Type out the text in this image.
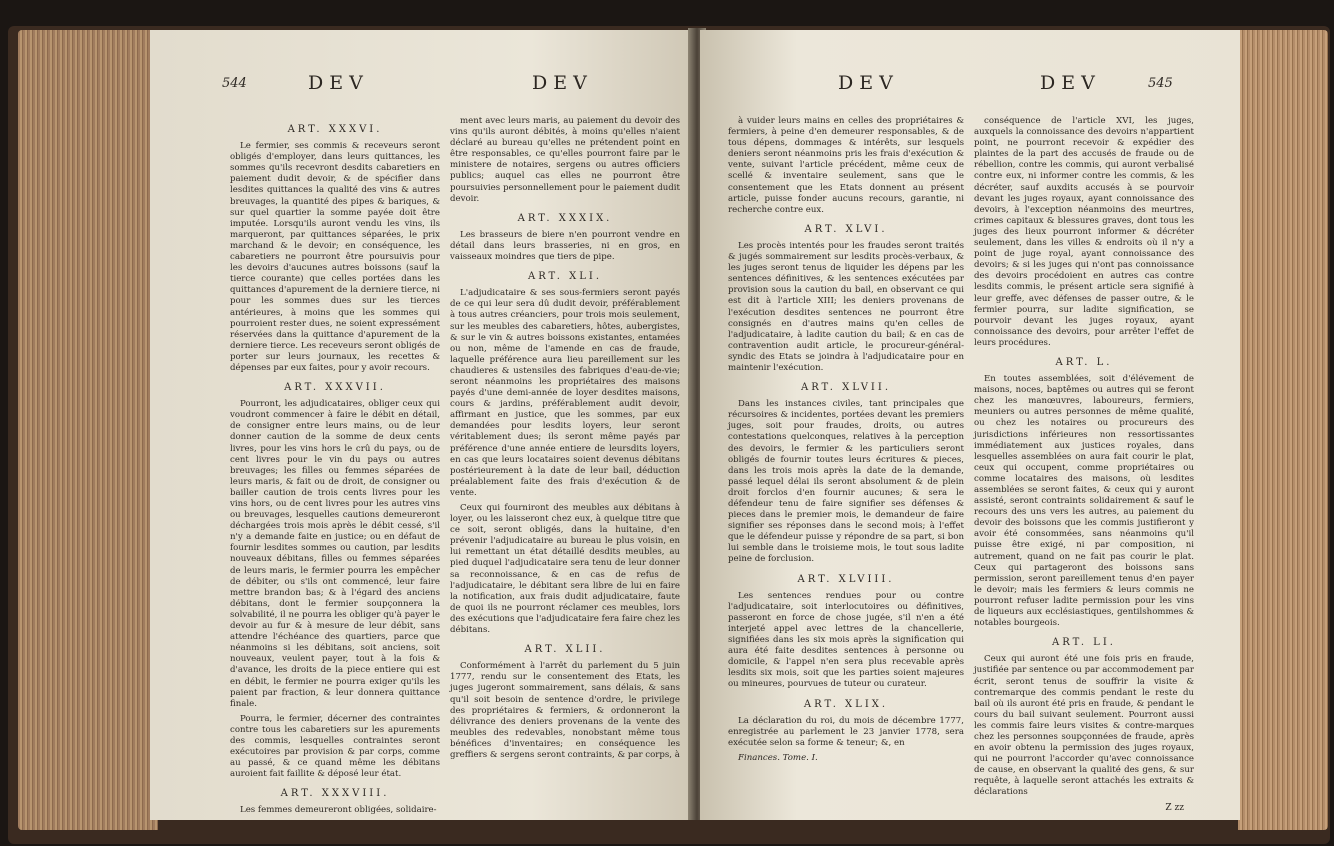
544	DEV	DEV
ART. XXXVI.

Le fermier, ses commis & receveurs seront obligés d'employer, dans leurs quittances, les sommes qu'ils recevront desdits cabaretiers en paiement dudit devoir, & de spécifier dans lesdites quittances la qualité des vins & autres breuvages, la quantité des pipes & bariques, & sur quel quartier la somme payée doit être imputée. Lorsqu'ils auront vendu les vins, ils marqueront, par quittances séparées, le prix marchand & le devoir; en conséquence, les cabaretiers ne pourront être poursuivis pour les devoirs d'aucunes autres boissons (sauf la tierce courante) que celles portées dans les quittances d'apurement de la derniere tierce, ni pour les sommes dues sur les tierces antérieures, à moins que les sommes qui pourroient rester dues, ne soient expressément réservées dans la quittance d'apurement de la derniere tierce. Les receveurs seront obligés de porter sur leurs journaux, les recettes & dépenses par eux faites, pour y avoir recours.

ART. XXXVII.

Pourront, les adjudicataires, obliger ceux qui voudront commencer à faire le débit en détail, de consigner entre leurs mains, ou de leur donner caution de la somme de deux cents livres, pour les vins hors le crû du pays, ou de cent livres pour le vin du pays ou autres breuvages; les filles ou femmes séparées de leurs maris, & fait ou de droit, de consigner ou bailler caution de trois cents livres pour les vins hors, ou de cent livres pour les autres vins ou breuvages, lesquelles cautions demeureront déchargées trois mois après le débit cessé, s'il n'y a demande faite en justice; ou en défaut de fournir lesdites sommes ou caution, par lesdits nouveaux débitans, filles ou femmes séparées de leurs maris, le fermier pourra les empêcher de débiter, ou s'ils ont commencé, leur faire mettre brandon bas; & à l'égard des anciens débitans, dont le fermier soupçonnera la solvabilité, il ne pourra les obliger qu'à payer le devoir au fur & à mesure de leur débit, sans attendre l'échéance des quartiers, parce que néanmoins si les débitans, soit anciens, soit nouveaux, veulent payer, tout à la fois & d'avance, les droits de la piece entiere qui est en débit, le fermier ne pourra exiger qu'ils les paient par fraction, & leur donnera quittance finale.

Pourra, le fermier, décerner des contraintes contre tous les cabaretiers sur les apurements des commis, lesquelles contraintes seront exécutoires par provision & par corps, comme au passé, & ce quand même les débitans auroient fait faillite & déposé leur état.

ART. XXXVIII.

Les femmes demeureront obligées, solidaire-

ment avec leurs maris, au paiement du devoir des vins qu'ils auront débités, à moins qu'elles n'aient déclaré au bureau qu'elles ne prétendent point en être responsables, ce qu'elles pourront faire par le ministere de notaires, sergens ou autres officiers publics; auquel cas elles ne pourront être poursuivies personnellement pour le paiement dudit devoir.

ART. XXXIX.

Les brasseurs de biere n'en pourront vendre en détail dans leurs brasseries, ni en gros, en vaisseaux moindres que tiers de pipe.

ART. XLI.

L'adjudicataire & ses sous-fermiers seront payés de ce qui leur sera dû dudit devoir, préférablement à tous autres créanciers, pour trois mois seulement, sur les meubles des cabaretiers, hôtes, aubergistes, & sur le vin & autres boissons existantes, entamées ou non, même de l'amende en cas de fraude, laquelle préférence aura lieu pareillement sur les chaudieres & ustensiles des fabriques d'eau-de-vie; seront néanmoins les propriétaires des maisons payés d'une demi-année de loyer desdites maisons, cours & jardins, préférablement audit devoir, affirmant en justice, que les sommes, par eux demandées pour lesdits loyers, leur seront véritablement dues; ils seront même payés par préférence d'une année entiere de leursdits loyers, en cas que leurs locataires soient devenus débitans postérieurement à la date de leur bail, déduction préalablement faite des frais d'exécution & de vente.

Ceux qui fourniront des meubles aux débitans à loyer, ou les laisseront chez eux, à quelque titre que ce soit, seront obligés, dans la huitaine, d'en prévenir l'adjudicataire au bureau le plus voisin, en lui remettant un état détaillé desdits meubles, au pied duquel l'adjudicataire sera tenu de leur donner sa reconnoissance, & en cas de refus de l'adjudicataire, le débitant sera libre de lui en faire la notification, aux frais dudit adjudicataire, faute de quoi ils ne pourront réclamer ces meubles, lors des exécutions que l'adjudicataire fera faire chez les débitans.

ART. XLII.

Conformément à l'arrêt du parlement du 5 juin 1777, rendu sur le consentement des Etats, les juges jugeront sommairement, sans délais, & sans qu'il soit besoin de sentence d'ordre, le privilege des propriétaires & fermiers, & ordonneront la délivrance des deniers provenans de la vente des meubles des redevables, nonobstant même tous bénéfices d'inventaires; en conséquence les greffiers & sergens seront contraints, & par corps, à

DEV	DEV	545

à vuider leurs mains en celles des propriétaires & fermiers, à peine d'en demeurer responsables, & de tous dépens, dommages & intérêts, sur lesquels deniers seront néanmoins pris les frais d'exécution & vente, suivant l'article précédent, même ceux de scellé & inventaire seulement, sans que le consentement que les Etats donnent au présent article, puisse fonder aucuns recours, garantie, ni recherche contre eux.

ART. XLVI.

Les procès intentés pour les fraudes seront traités & jugés sommairement sur lesdits procès-verbaux, & les juges seront tenus de liquider les dépens par les sentences définitives, & les sentences exécutées par provision sous la caution du bail, en observant ce qui est dit à l'article XIII; les deniers provenans de l'exécution desdites sentences ne pourront être consignés en d'autres mains qu'en celles de l'adjudicataire, à ladite caution du bail; & en cas de contravention audit article, le procureur-général-syndic des Etats se joindra à l'adjudicataire pour en maintenir l'exécution.

ART. XLVII.

Dans les instances civiles, tant principales que récursoires & incidentes, portées devant les premiers juges, soit pour fraudes, droits, ou autres contestations quelconques, relatives à la perception des devoirs, le fermier & les particuliers seront obligés de fournir toutes leurs écritures & pieces, dans les trois mois après la date de la demande, passé lequel délai ils seront absolument & de plein droit forclos d'en fournir aucunes; & sera le défendeur tenu de faire signifier ses défenses & pieces dans le premier mois, le demandeur de faire signifier ses réponses dans le second mois; à l'effet que le défendeur puisse y répondre de sa part, si bon lui semble dans le troisieme mois, le tout sous ladite peine de forclusion.

ART. XLVIII.

Les sentences rendues pour ou contre l'adjudicataire, soit interlocutoires ou définitives, passeront en force de chose jugée, s'il n'en a été interjeté appel avec lettres de la chancellerie, signifiées dans les six mois après la signification qui aura été faite desdites sentences à personne ou domicile, & l'appel n'en sera plus recevable après lesdits six mois, soit que les parties soient majeures ou mineures, pourvues de tuteur ou curateur.

ART. XLIX.

La déclaration du roi, du mois de décembre 1777, enregistrée au parlement le 23 janvier 1778, sera exécutée selon sa forme & teneur; &, en

Finances. Tome. I.

conséquence de l'article XVI, les juges, auxquels la connoissance des devoirs n'appartient point, ne pourront recevoir & expédier des plaintes de la part des accusés de fraude ou de rébellion, contre les commis, qui auront verbalisé contre eux, ni informer contre les commis, & les décréter, sauf auxdits accusés à se pourvoir devant les juges royaux, ayant connoissance des devoirs, à l'exception néanmoins des meurtres, crimes capitaux & blessures graves, dont tous les juges des lieux pourront informer & décréter seulement, dans les villes & endroits où il n'y a point de juge royal, ayant connoissance des devoirs; & si les juges qui n'ont pas connoissance des devoirs procédoient en autres cas contre lesdits commis, le présent article sera signifié à leur greffe, avec défenses de passer outre, & le fermier pourra, sur ladite signification, se pourvoir devant les juges royaux, ayant connoissance des devoirs, pour arrêter l'effet de leurs procédures.

ART. L.

En toutes assemblées, soit d'élévement de maisons, noces, baptêmes ou autres qui se feront chez les manœuvres, laboureurs, fermiers, meuniers ou autres personnes de même qualité, ou chez les notaires ou procureurs des jurisdictions inférieures non ressortissantes immédiatement aux justices royales, dans lesquelles assemblées on aura fait courir le plat, ceux qui occupent, comme propriétaires ou comme locataires des maisons, où lesdites assemblées se seront faites, & ceux qui y auront assisté, seront contraints solidairement & sauf le recours des uns vers les autres, au paiement du devoir des boissons que les commis justifieront y avoir été consommées, sans néanmoins qu'il puisse être exigé, ni par composition, ni autrement, quand on ne fait pas courir le plat. Ceux qui partageront des boissons sans permission, seront pareillement tenus d'en payer le devoir; mais les fermiers & leurs commis ne pourront refuser ladite permission pour les vins de liqueurs aux ecclésiastiques, gentilshommes & notables bourgeois.

ART. LI.

Ceux qui auront été une fois pris en fraude, justifiée par sentence ou par accommodement par écrit, seront tenus de souffrir la visite & contremarque des commis pendant le reste du bail où ils auront été pris en fraude, & pendant le cours du bail suivant seulement. Pourront aussi les commis faire leurs visites & contre-marques chez les personnes soupçonnées de fraude, après en avoir obtenu la permission des juges royaux, qui ne pourront l'accorder qu'avec connoissance de cause, en observant la qualité des gens, & sur requête, à laquelle seront attachés les extraits & déclarations

Z zz
